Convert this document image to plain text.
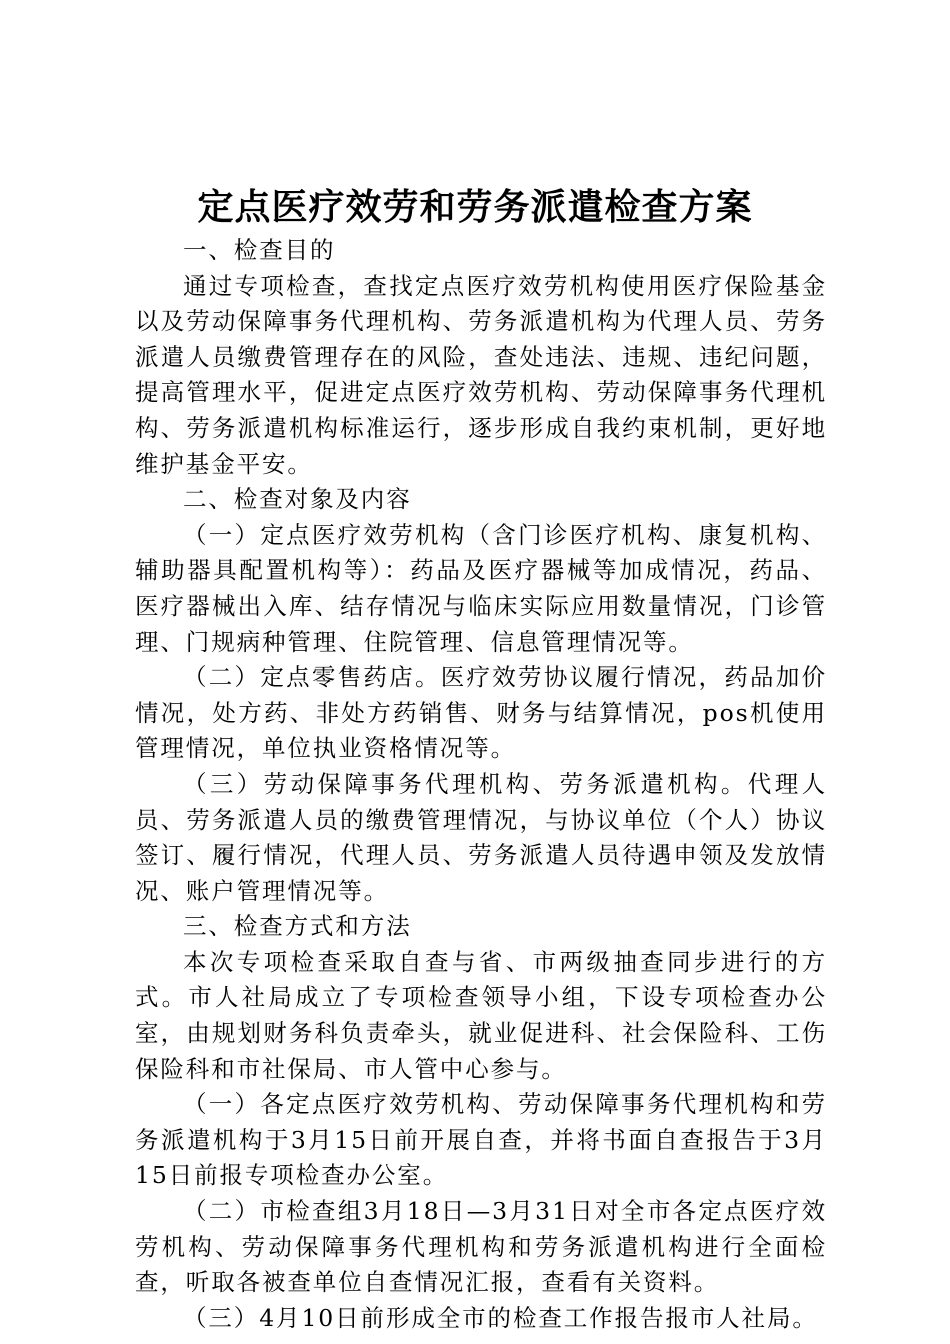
定点医疗效劳和劳务派遣检查方案

一、检查目的

通过专项检查，查找定点医疗效劳机构使用医疗保险基金以及劳动保障事务代理机构、劳务派遣机构为代理人员、劳务派遣人员缴费管理存在的风险，查处违法、违规、违纪问题，提高管理水平，促进定点医疗效劳机构、劳动保障事务代理机构、劳务派遣机构标准运行，逐步形成自我约束机制，更好地维护基金平安。

二、检查对象及内容

（一）定点医疗效劳机构（含门诊医疗机构、康复机构、辅助器具配置机构等）：药品及医疗器械等加成情况，药品、医疗器械出入库、结存情况与临床实际应用数量情况，门诊管理、门规病种管理、住院管理、信息管理情况等。

（二）定点零售药店。医疗效劳协议履行情况，药品加价情况，处方药、非处方药销售、财务与结算情况，pos机使用管理情况，单位执业资格情况等。

（三）劳动保障事务代理机构、劳务派遣机构。代理人员、劳务派遣人员的缴费管理情况，与协议单位（个人）协议签订、履行情况，代理人员、劳务派遣人员待遇申领及发放情况、账户管理情况等。

三、检查方式和方法

本次专项检查采取自查与省、市两级抽查同步进行的方式。市人社局成立了专项检查领导小组，下设专项检查办公室，由规划财务科负责牵头，就业促进科、社会保险科、工伤保险科和市社保局、市人管中心参与。

（一）各定点医疗效劳机构、劳动保障事务代理机构和劳务派遣机构于3月15日前开展自查，并将书面自查报告于3月15日前报专项检查办公室。

（二）市检查组3月18日—3月31日对全市各定点医疗效劳机构、劳动保障事务代理机构和劳务派遣机构进行全面检查，听取各被查单位自查情况汇报，查看有关资料。

（三）4月10日前形成全市的检查工作报告报市人社局。
